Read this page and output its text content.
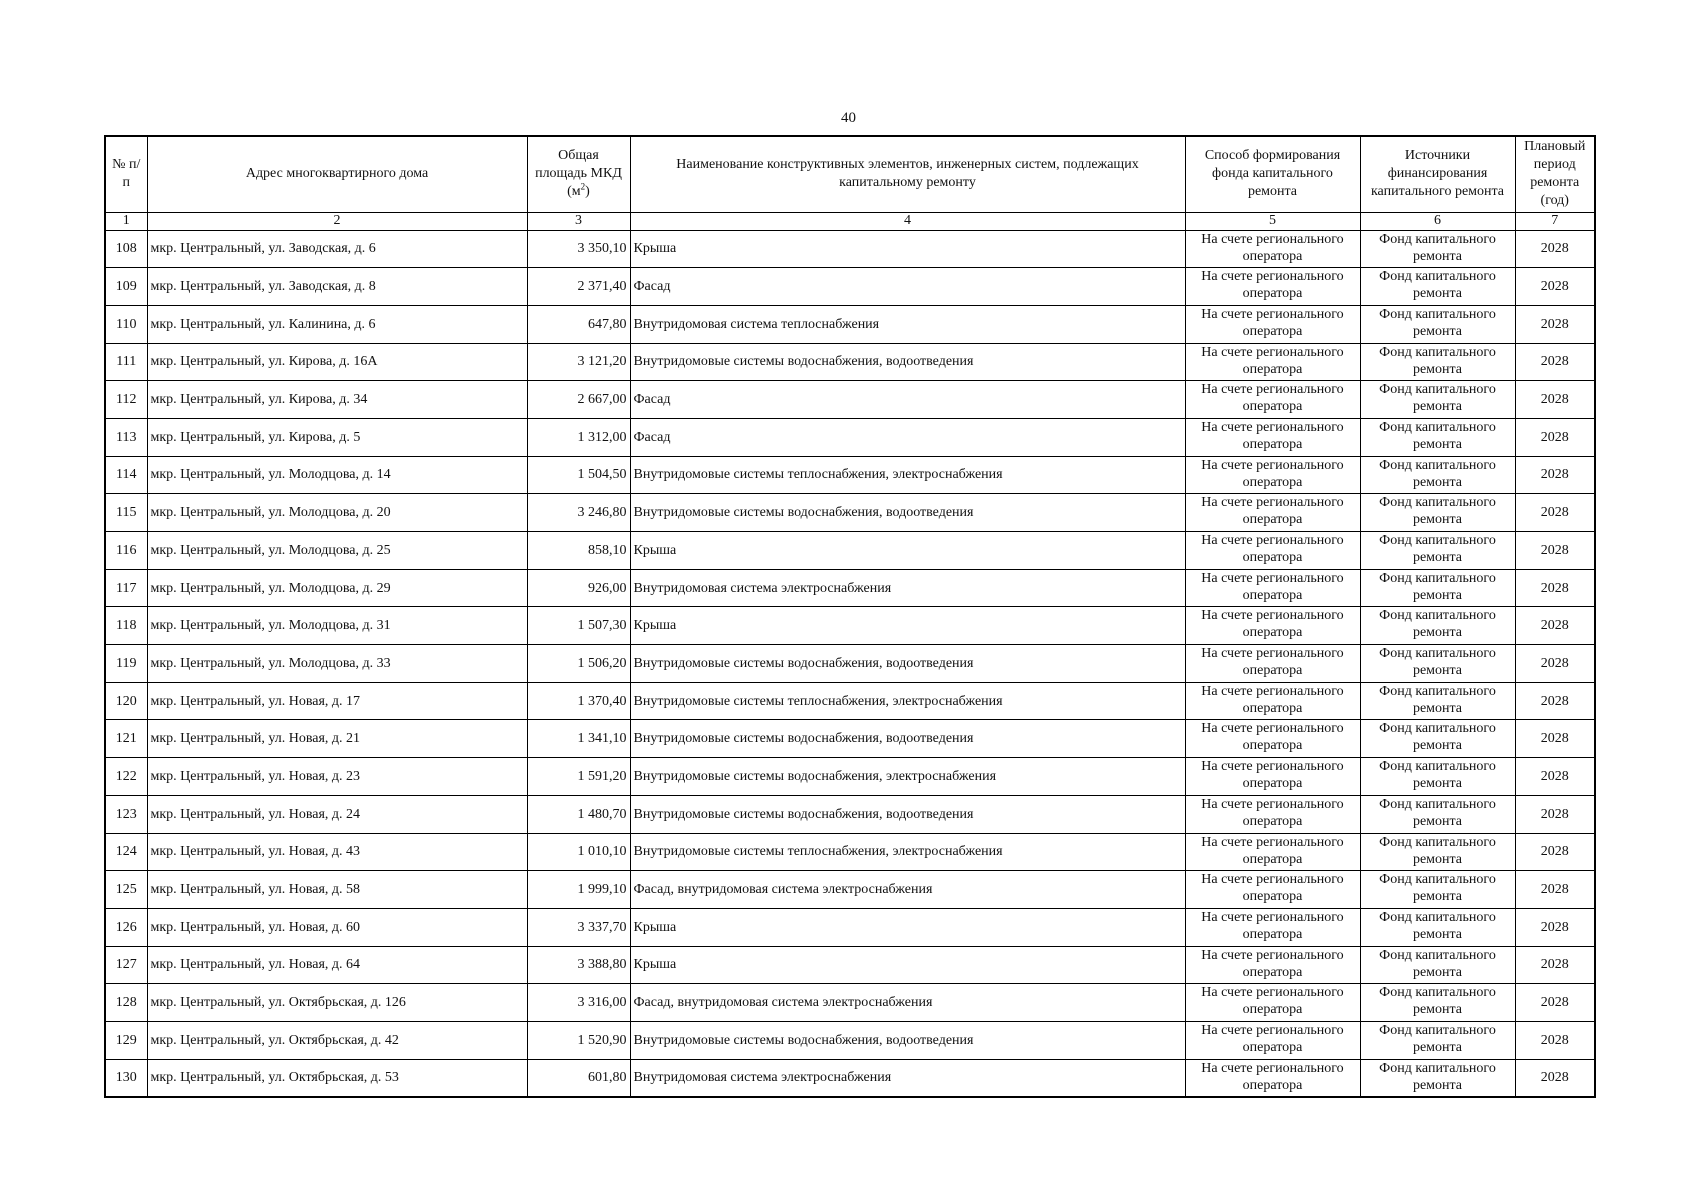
40
№ п/п	Адрес многоквартирного дома	Общая площадь МКД $(м^2)$	Наименование конструктивных элементов, инженерных систем, подлежащих капитальному ремонту	Способ формирования фонда капитального ремонта	Источники финансирования капитального ремонта	Плановый период ремонта (год)
1	2	3	4	5	6	7
108	мкр. Центральный, ул. Заводская, д. 6	3 350,10	Крыша	На счете регионального оператора	Фонд капитального ремонта	2028
109	мкр. Центральный, ул. Заводская, д. 8	2 371,40	Фасад	На счете регионального оператора	Фонд капитального ремонта	2028
110	мкр. Центральный, ул. Калинина, д. 6	647,80	Внутридомовая система теплоснабжения	На счете регионального оператора	Фонд капитального ремонта	2028
111	мкр. Центральный, ул. Кирова, д. 16А	3 121,20	Внутридомовые системы водоснабжения, водоотведения	На счете регионального оператора	Фонд капитального ремонта	2028
112	мкр. Центральный, ул. Кирова, д. 34	2 667,00	Фасад	На счете регионального оператора	Фонд капитального ремонта	2028
113	мкр. Центральный, ул. Кирова, д. 5	1 312,00	Фасад	На счете регионального оператора	Фонд капитального ремонта	2028
114	мкр. Центральный, ул. Молодцова, д. 14	1 504,50	Внутридомовые системы теплоснабжения, электроснабжения	На счете регионального оператора	Фонд капитального ремонта	2028
115	мкр. Центральный, ул. Молодцова, д. 20	3 246,80	Внутридомовые системы водоснабжения, водоотведения	На счете регионального оператора	Фонд капитального ремонта	2028
116	мкр. Центральный, ул. Молодцова, д. 25	858,10	Крыша	На счете регионального оператора	Фонд капитального ремонта	2028
117	мкр. Центральный, ул. Молодцова, д. 29	926,00	Внутридомовая система электроснабжения	На счете регионального оператора	Фонд капитального ремонта	2028
118	мкр. Центральный, ул. Молодцова, д. 31	1 507,30	Крыша	На счете регионального оператора	Фонд капитального ремонта	2028
119	мкр. Центральный, ул. Молодцова, д. 33	1 506,20	Внутридомовые системы водоснабжения, водоотведения	На счете регионального оператора	Фонд капитального ремонта	2028
120	мкр. Центральный, ул. Новая, д. 17	1 370,40	Внутридомовые системы теплоснабжения, электроснабжения	На счете регионального оператора	Фонд капитального ремонта	2028
121	мкр. Центральный, ул. Новая, д. 21	1 341,10	Внутридомовые системы водоснабжения, водоотведения	На счете регионального оператора	Фонд капитального ремонта	2028
122	мкр. Центральный, ул. Новая, д. 23	1 591,20	Внутридомовые системы водоснабжения, электроснабжения	На счете регионального оператора	Фонд капитального ремонта	2028
123	мкр. Центральный, ул. Новая, д. 24	1 480,70	Внутридомовые системы водоснабжения, водоотведения	На счете регионального оператора	Фонд капитального ремонта	2028
124	мкр. Центральный, ул. Новая, д. 43	1 010,10	Внутридомовые системы теплоснабжения, электроснабжения	На счете регионального оператора	Фонд капитального ремонта	2028
125	мкр. Центральный, ул. Новая, д. 58	1 999,10	Фасад, внутридомовая система электроснабжения	На счете регионального оператора	Фонд капитального ремонта	2028
126	мкр. Центральный, ул. Новая, д. 60	3 337,70	Крыша	На счете регионального оператора	Фонд капитального ремонта	2028
127	мкр. Центральный, ул. Новая, д. 64	3 388,80	Крыша	На счете регионального оператора	Фонд капитального ремонта	2028
128	мкр. Центральный, ул. Октябрьская, д. 126	3 316,00	Фасад, внутридомовая система электроснабжения	На счете регионального оператора	Фонд капитального ремонта	2028
129	мкр. Центральный, ул. Октябрьская, д. 42	1 520,90	Внутридомовые системы водоснабжения, водоотведения	На счете регионального оператора	Фонд капитального ремонта	2028
130	мкр. Центральный, ул. Октябрьская, д. 53	601,80	Внутридомовая система электроснабжения	На счете регионального оператора	Фонд капитального ремонта	2028
